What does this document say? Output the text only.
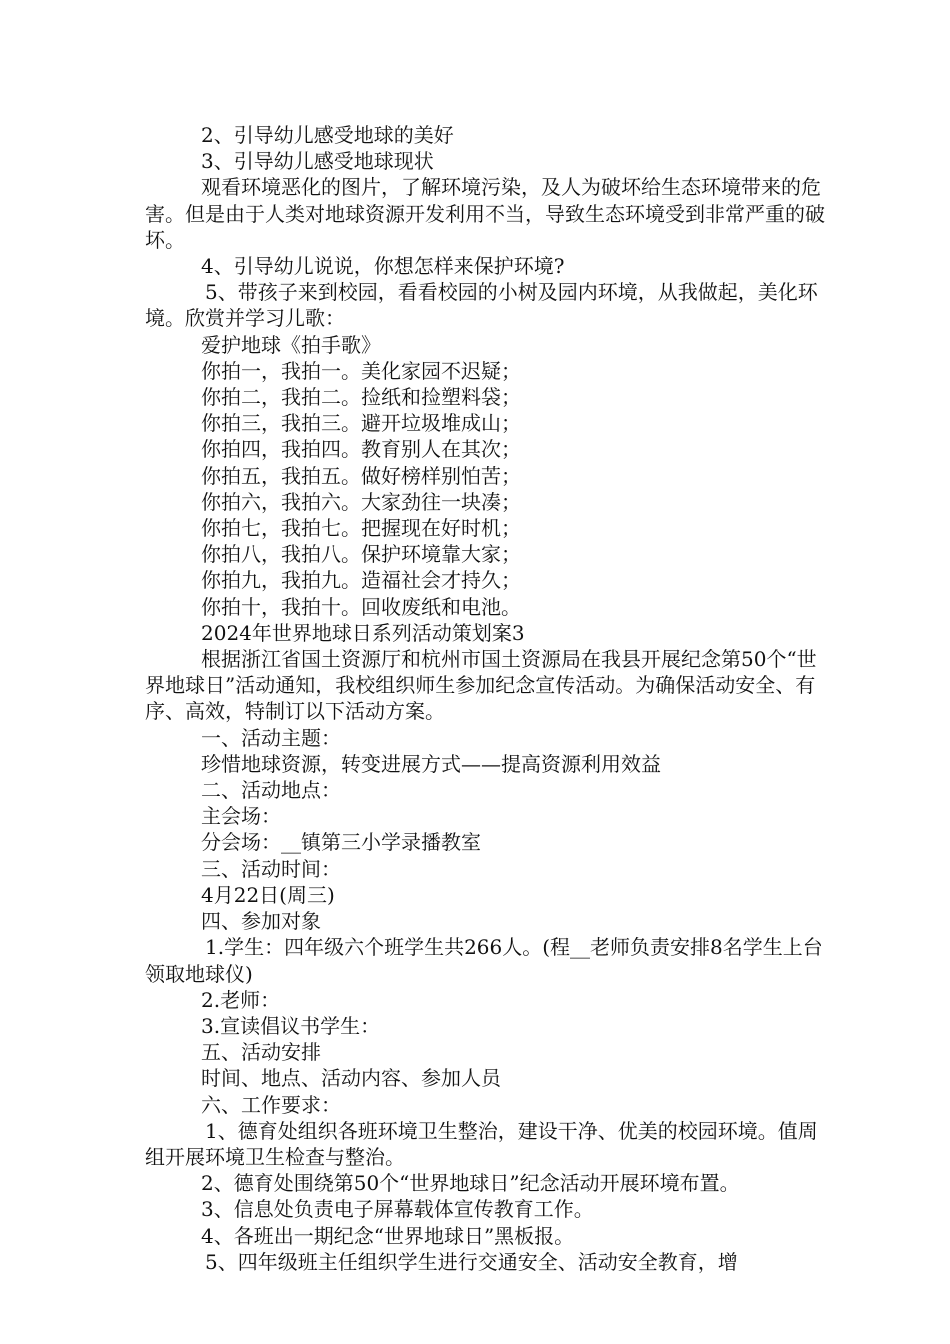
2、引导幼儿感受地球的美好

3、引导幼儿感受地球现状

观看环境恶化的图片，了解环境污染，及人为破坏给生态环境带来的危害。但是由于人类对地球资源开发利用不当，导致生态环境受到非常严重的破坏。

4、引导幼儿说说，你想怎样来保护环境?

5、带孩子来到校园，看看校园的小树及园内环境，从我做起，美化环境。欣赏并学习儿歌：

爱护地球《拍手歌》

你拍一，我拍一。美化家园不迟疑；

你拍二，我拍二。捡纸和捡塑料袋；

你拍三，我拍三。避开垃圾堆成山；

你拍四，我拍四。教育别人在其次；

你拍五，我拍五。做好榜样别怕苦；

你拍六，我拍六。大家劲往一块凑；

你拍七，我拍七。把握现在好时机；

你拍八，我拍八。保护环境靠大家；

你拍九，我拍九。造福社会才持久；

你拍十，我拍十。回收废纸和电池。

2024年世界地球日系列活动策划案3

根据浙江省国土资源厅和杭州市国土资源局在我县开展纪念第50个“世界地球日”活动通知，我校组织师生参加纪念宣传活动。为确保活动安全、有序、高效，特制订以下活动方案。

一、活动主题：

珍惜地球资源，转变进展方式——提高资源利用效益

二、活动地点：

主会场：

分会场：__镇第三小学录播教室

三、活动时间：

4月22日(周三)

四、参加对象

1.学生：四年级六个班学生共266人。(程__老师负责安排8名学生上台领取地球仪)

2.老师：

3.宣读倡议书学生：

五、活动安排

时间、地点、活动内容、参加人员

六、工作要求：

1、德育处组织各班环境卫生整治，建设干净、优美的校园环境。值周组开展环境卫生检查与整治。

2、德育处围绕第50个“世界地球日”纪念活动开展环境布置。

3、信息处负责电子屏幕载体宣传教育工作。

4、各班出一期纪念“世界地球日”黑板报。

5、四年级班主任组织学生进行交通安全、活动安全教育，增
